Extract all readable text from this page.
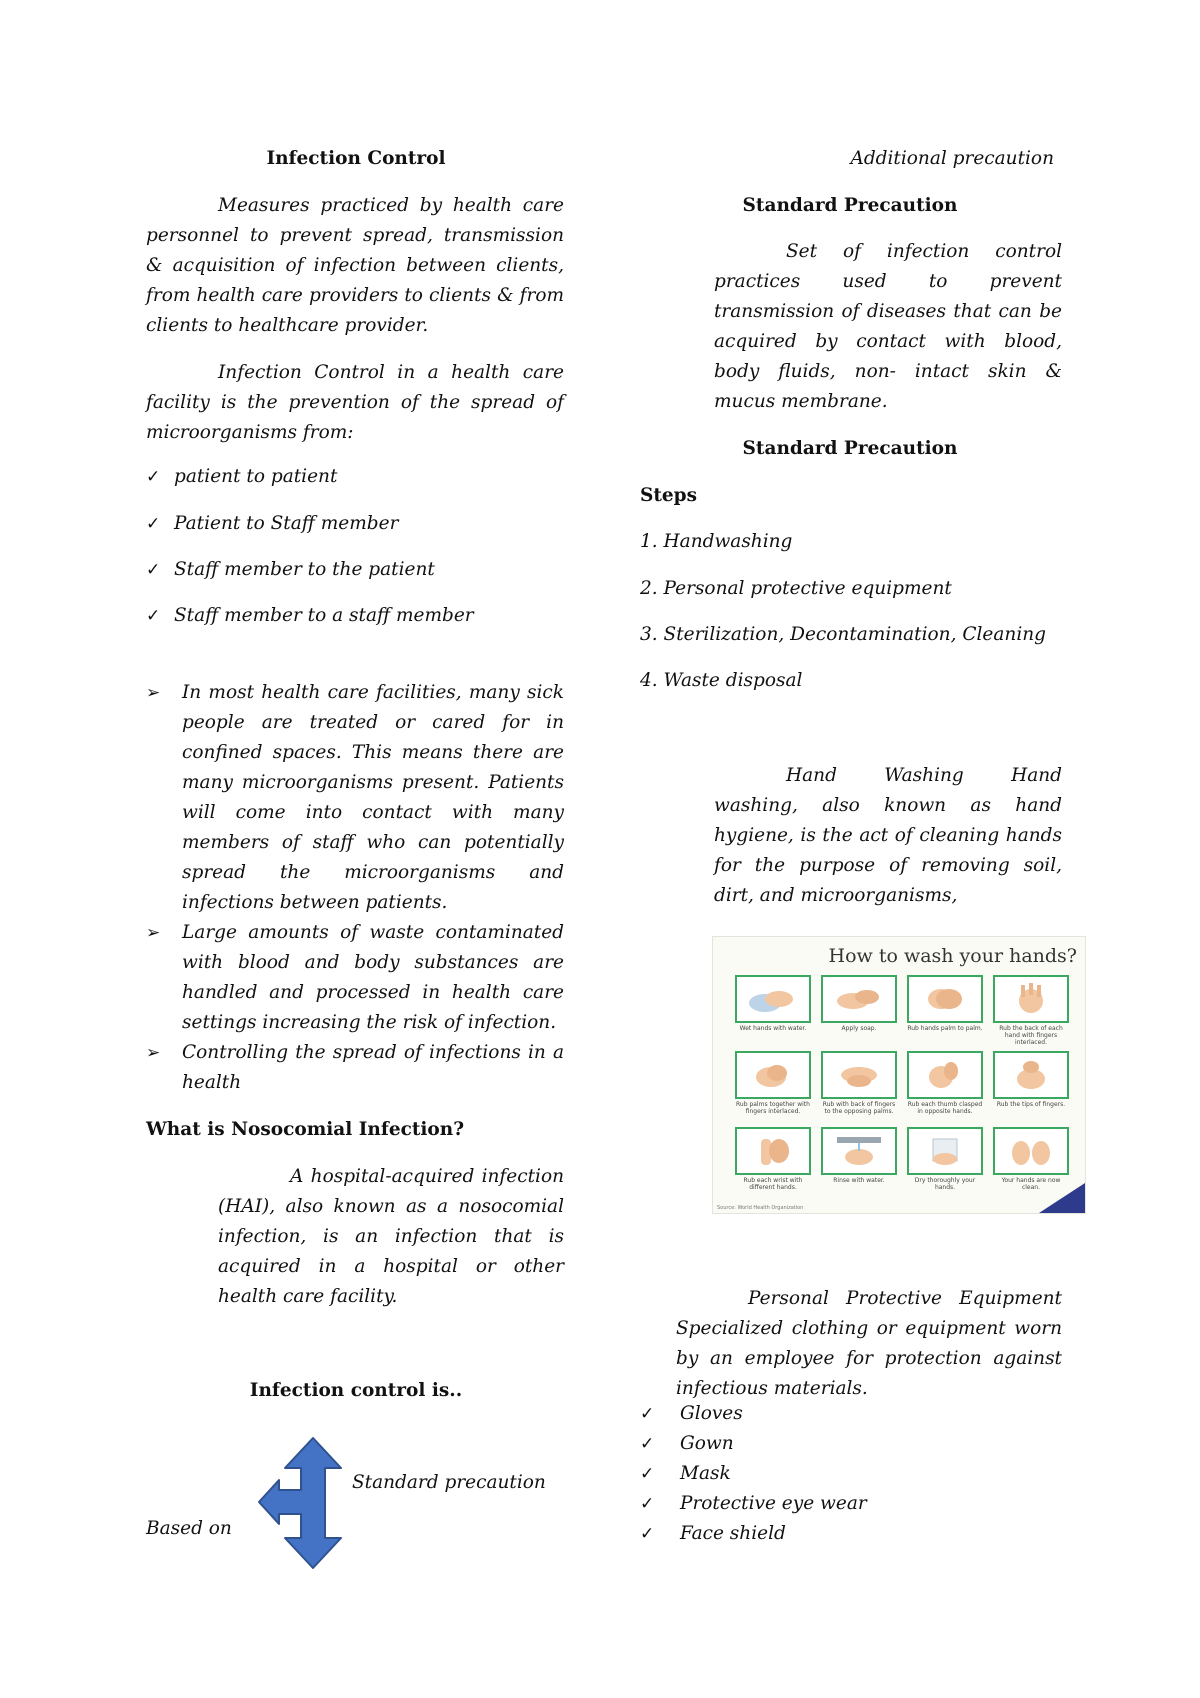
Infection Control
Measures practiced by health care personnel to prevent spread, transmission & acquisition of infection between clients, from health care providers to clients & from clients to healthcare provider.
Infection Control in a health care facility is the prevention of the spread of microorganisms from:
✓ patient to patient
✓ Patient to Staff member
✓ Staff member to the patient
✓ Staff member to a staff member
➢	In most health care facilities, many sick people are treated or cared for in confined spaces. This means there are many microorganisms present. Patients will come into contact with many members of staff who can potentially spread the microorganisms and infections between patients.
➢	Large amounts of waste contaminated with blood and body substances are handled and processed in health care settings increasing the risk of infection.
➢	Controlling the spread of infections in a health
What is Nosocomial Infection?
A hospital-acquired infection (HAI), also known as a nosocomial infection, is an infection that is acquired in a hospital or other health care facility.
Infection control is..
Standard precaution
Based on
Additional precaution
Standard Precaution
Set of infection control practices used to prevent transmission of diseases that can be acquired by contact with blood, body fluids, non- intact skin & mucus membrane.
Standard Precaution
Steps
1. Handwashing
2. Personal protective equipment
3. Sterilization, Decontamination, Cleaning
4. Waste disposal
Hand Washing Hand washing, also known as hand hygiene, is the act of cleaning hands for the purpose of removing soil, dirt, and microorganisms,
How to wash your hands?
Wet hands with water.	Apply soap.	Rub hands palm to palm.	Rub the back of each hand with fingers interlaced.
Rub palms together with fingers interlaced.
Rub with back of fingers to the opposing palms.
Rub each thumb clasped in opposite hands.
Rub the tips of fingers.
Rub each wrist with different hands.
Rinse with water.	Dry thoroughly your hands.
Your hands are now clean.
Source: World Health Organization
Personal Protective Equipment Specialized clothing or equipment worn by an employee for protection against infectious materials.
✓	Gloves
✓	Gown
✓	Mask
✓	Protective eye wear
✓	Face shield
